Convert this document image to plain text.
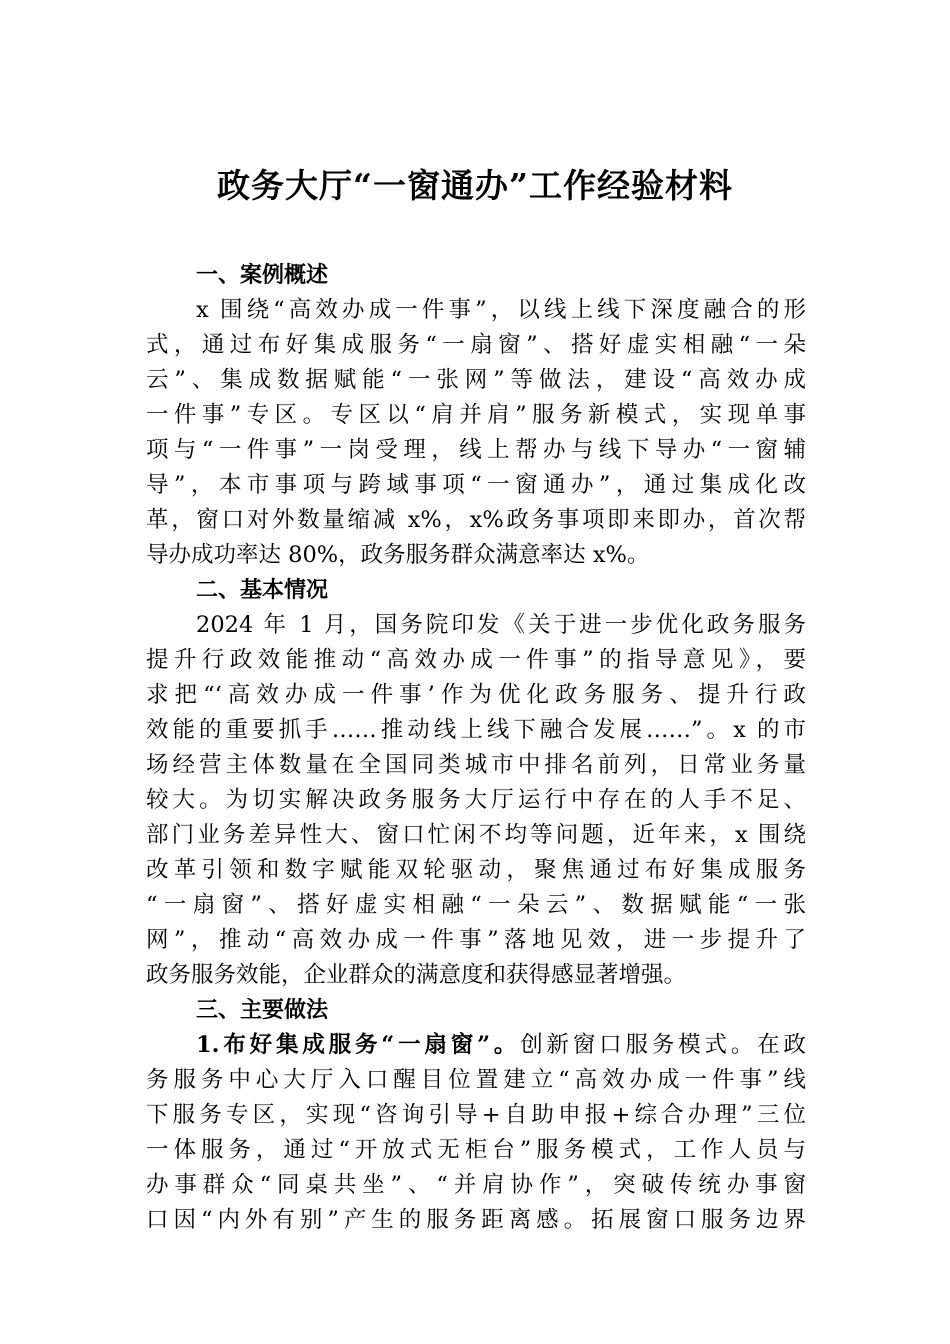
政务大厅“一窗通办”工作经验材料
一、案例概述
x 围绕“高效办成一件事”，以线上线下深度融合的形
式，通过布好集成服务“一扇窗”、搭好虚实相融“一朵
云”、集成数据赋能“一张网”等做法，建设“高效办成
一件事”专区。专区以“肩并肩”服务新模式，实现单事
项与“一件事”一岗受理，线上帮办与线下导办“一窗辅
导”，本市事项与跨域事项“一窗通办”，通过集成化改
革，窗口对外数量缩减 x%，x%政务事项即来即办，首次帮
导办成功率达 80%，政务服务群众满意率达 x%。
二、基本情况
2024 年 1 月，国务院印发《关于进一步优化政务服务
提升行政效能推动“高效办成一件事”的指导意见》，要
求把“‘高效办成一件事’作为优化政务服务、提升行政
效能的重要抓手……推动线上线下融合发展……”。x 的市
场经营主体数量在全国同类城市中排名前列，日常业务量
较大。为切实解决政务服务大厅运行中存在的人手不足、
部门业务差异性大、窗口忙闲不均等问题，近年来，x 围绕
改革引领和数字赋能双轮驱动，聚焦通过布好集成服务
“一扇窗”、搭好虚实相融“一朵云”、数据赋能“一张
网”，推动“高效办成一件事”落地见效，进一步提升了
政务服务效能，企业群众的满意度和获得感显著增强。
三、主要做法
1.布好集成服务“一扇窗”。创新窗口服务模式。在政
务服务中心大厅入口醒目位置建立“高效办成一件事”线
下服务专区，实现“咨询引导+自助申报+综合办理”三位
一体服务，通过“开放式无柜台”服务模式，工作人员与
办事群众“同桌共坐”、“并肩协作”，突破传统办事窗
口因“内外有别”产生的服务距离感。拓展窗口服务边界
